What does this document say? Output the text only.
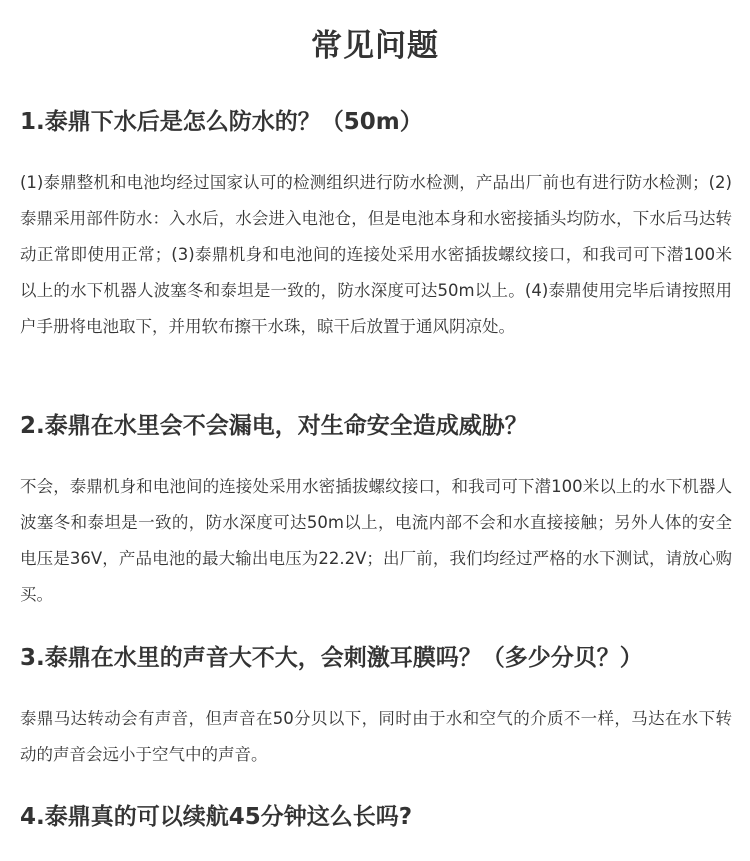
常见问题
1.泰鼎下水后是怎么防水的？（50m）

(1)泰鼎整机和电池均经过国家认可的检测组织进行防水检测，产品出厂前也有进行防水检测；(2)泰鼎采用部件防水：入水后，水会进入电池仓，但是电池本身和水密接插头均防水，下水后马达转动正常即使用正常；(3)泰鼎机身和电池间的连接处采用水密插拔螺纹接口，和我司可下潜100米以上的水下机器人波塞冬和泰坦是一致的，防水深度可达50m以上。(4)泰鼎使用完毕后请按照用户手册将电池取下，并用软布擦干水珠，晾干后放置于通风阴凉处。

2.泰鼎在水里会不会漏电，对生命安全造成威胁？

不会，泰鼎机身和电池间的连接处采用水密插拔螺纹接口，和我司可下潜100米以上的水下机器人波塞冬和泰坦是一致的，防水深度可达50m以上，电流内部不会和水直接接触；另外人体的安全电压是36V，产品电池的最大输出电压为22.2V；出厂前，我们均经过严格的水下测试，请放心购买。

3.泰鼎在水里的声音大不大，会刺激耳膜吗？（多少分贝？）

泰鼎马达转动会有声音，但声音在50分贝以下，同时由于水和空气的介质不一样，马达在水下转动的声音会远小于空气中的声音。

4.泰鼎真的可以续航45分钟这么长吗?
